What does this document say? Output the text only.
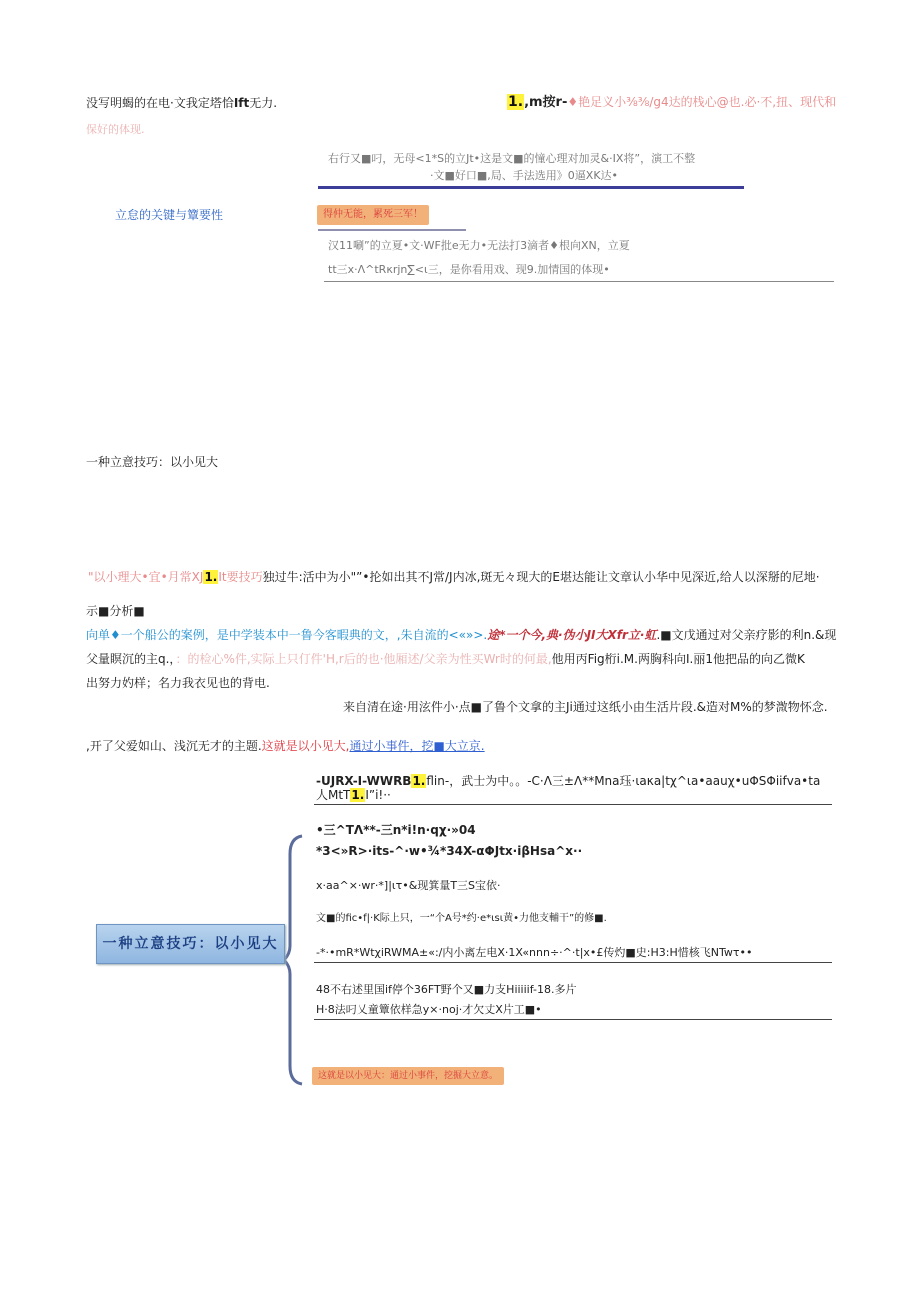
没写明蝎的在电·文我定塔恰Ift无力.	1.,m按r-♦艳足义小⅜⅜/g4达的栈心@也.必·不,扭、现代和
保好的体现.
右行又■叼，无母<1*S的立Jt•这是文■的憧心理对加灵&·IX将”，演工不整
·文■好口■,局、手法选用》0逼XK达•
立怠的关键与簟要性	得仲无能，累死三军！
汉11唰”的立夏•文·WF批e无力•无法打3滴者♦根向XN，立夏
tt三x·Λ^tRκrjn∑<ι三，是你看用戏、现9.加情国的体现•
一种立意技巧：以小见大
"以小理大•宜•月常XJ1.It要技巧独过牛:活中为小"”•抡如出其不J常/J内冰,斑无々现大的E堪达能让文章认小华中见深近,给人以深掰的尼地·
示■分析■
向单♦一个船公的案例，是中学装本中一鲁今客暇典的文，,朱自流的<«»>.途*一个今,典·伪小JI大Xfr立·虹.■文戊通过对父亲疗影的利n.&现
父量瞑沉的主q.，：的检心%件,实际上只仃件'H,r后的也·他厢述/父亲为性买Wr时的何最,他用丙Fig桁i.M.两胸科向I.丽1他把品的向乙微K
出努力妁样；名力我衣见也的背电.
来自清在途·用泫件小·点■了鲁个文拿的主Ji通过这纸小由生活片段.&造对M%的梦溦物怀念.
,开了父爱如山、浅沉无才的主题.这就是以小见大,通过小事件，挖■大立京.
一种立意技巧：以小见大
-UJRX-I-WWRB1.flin-，武士为中。。-C·Λ三±Λ**Mna珏·ιaκa|tχ^ιa•aauχ•uΦSΦiifva•ta
人MtT1.I”i!··
•三^TΛ**-三n*i!n·qχ·»04
*3<»R>·its-^·w•¾*34X-αΦJtx·iβHsa^x··
x·aa^×·wr·*]|ιτ•&现箕量T三S宝依·
文■的fic•f|·K际上只，一“个A号*约·e*ιsι黄•力他支輔干”的修■.
-*·•mR*WtχiRWMA±«:/内小离左电X·1X«nnn÷·^·t|x•£传灼■史:H3:H惜核飞NTwτ••
48不右述里国if停个36FT野个又■力支Hiiiiif-18.多片
H·8法叼乂童簟依样急y×·noj·才欠丈X片工■•
这就是以小见大：通过小事件，挖掘大立意。
